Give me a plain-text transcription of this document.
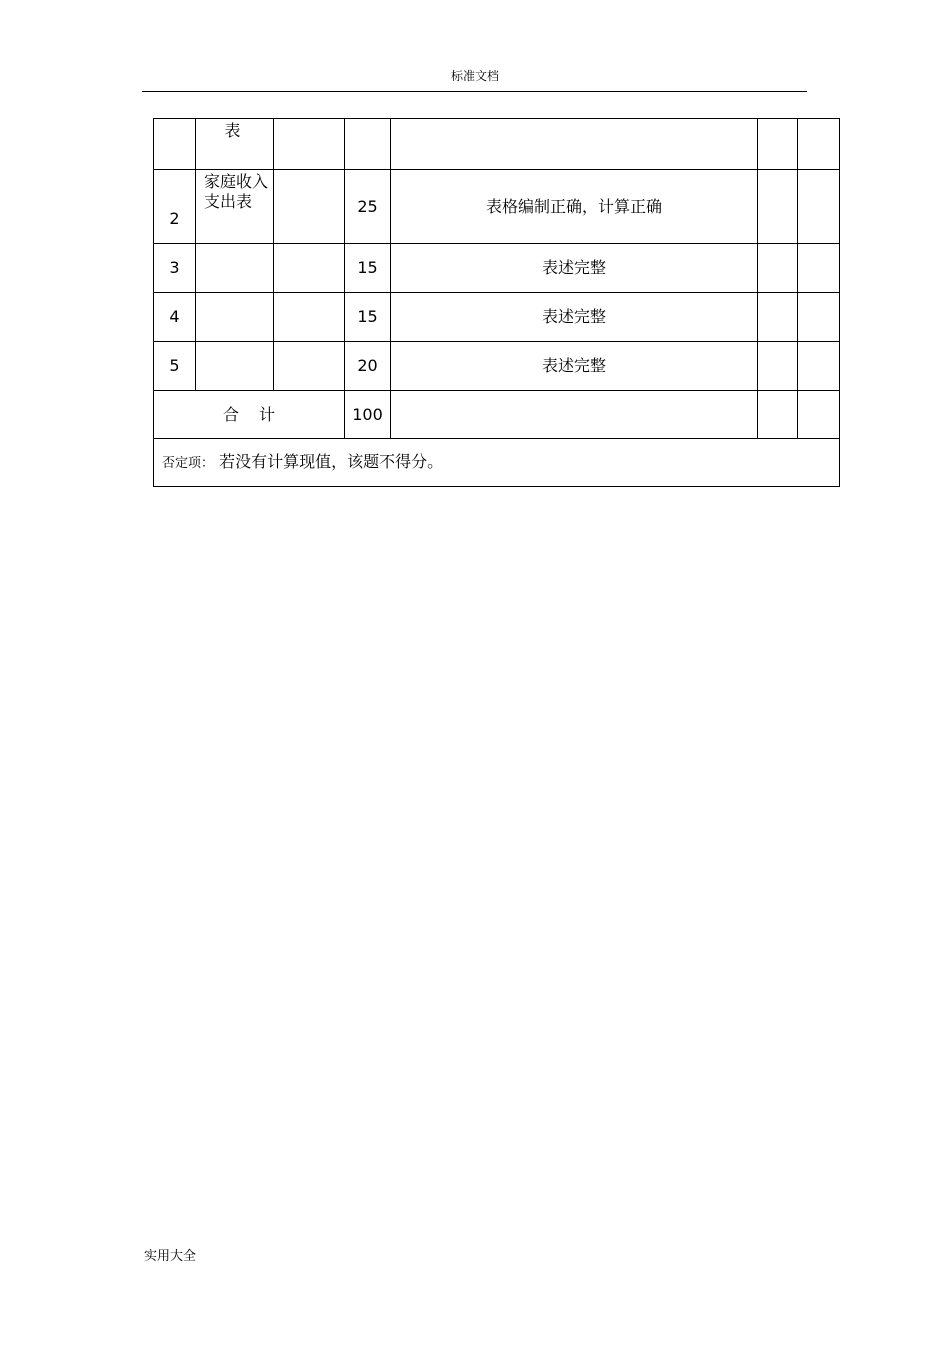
标准文档
	表					
2	家庭收入支出表		25	表格编制正确，计算正确		
3			15	表述完整		
4			15	表述完整		
5			20	表述完整		
合 计			100			
否定项： 若没有计算现值，该题不得分。						
实用大全
